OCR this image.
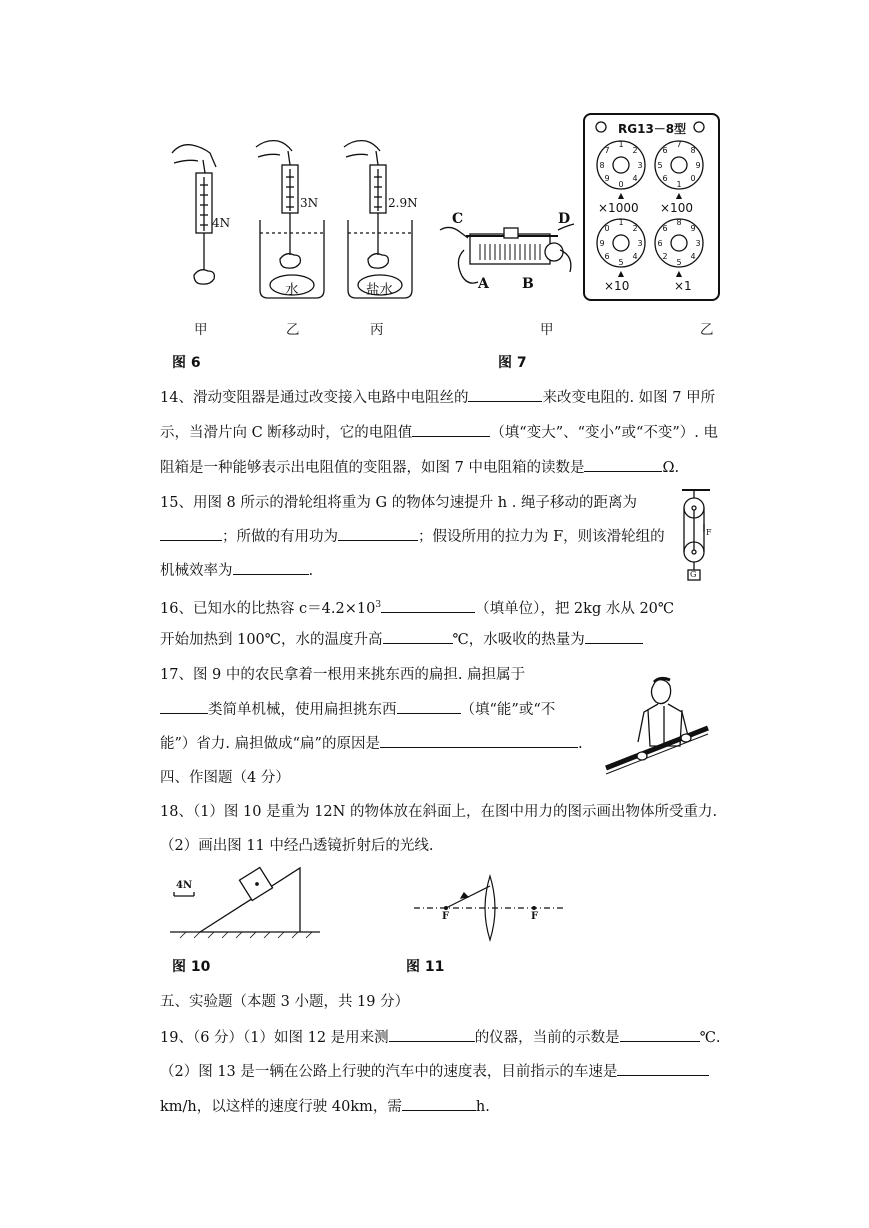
4N
3N	2.9N
水	盐水
甲	乙	丙
图 6
C	D
A B
RG13－8型
1
2
3
4
0
9
8
7
7
8
9
0
1
6
5
6
1
2
3
4
5
6
9
0
8
9
3
4
5
2
6
6
▲	▲
▲	▲
×1000 ×100
×10	×1
甲	乙
图 7
14、滑动变阻器是通过改变接入电路中电阻丝的	来改变电阻的. 如图 7 甲所
示，当滑片向 C 断移动时，它的电阻值	（填“变大”、“变小”或“不变”）. 电
阻箱是一种能够表示出电阻值的变阻器，如图 7 中电阻箱的读数是	Ω.
15、用图 8 所示的滑轮组将重为 G 的物体匀速提升 h . 绳子移动的距离为
；所做的有用功为	；假设所用的拉力为 F，则该滑轮组的
机械效率为	.
F
G
16、已知水的比热容 $c=4.2\times 10^3$	（填单位），把 2kg 水从 20℃
开始加热到 100℃，水的温度升高	℃，水吸收的热量为
17、图 9 中的农民拿着一根用来挑东西的扁担. 扁担属于
类简单机械，使用扁担挑东西	（填“能”或“不
能”）省力. 扁担做成“扁”的原因是	.
四、作图题（4 分）
18、（1）图 10 是重为 12N 的物体放在斜面上，在图中用力的图示画出物体所受重力.
（2）画出图 11 中经凸透镜折射后的光线.
4N
图 10
F	F
图 11
五、实验题（本题 3 小题，共 19 分）
19、（6 分）（1）如图 12 是用来测	的仪器，当前的示数是	℃.
（2）图 13 是一辆在公路上行驶的汽车中的速度表，目前指示的车速是
km/h，以这样的速度行驶 40km，需	h.
